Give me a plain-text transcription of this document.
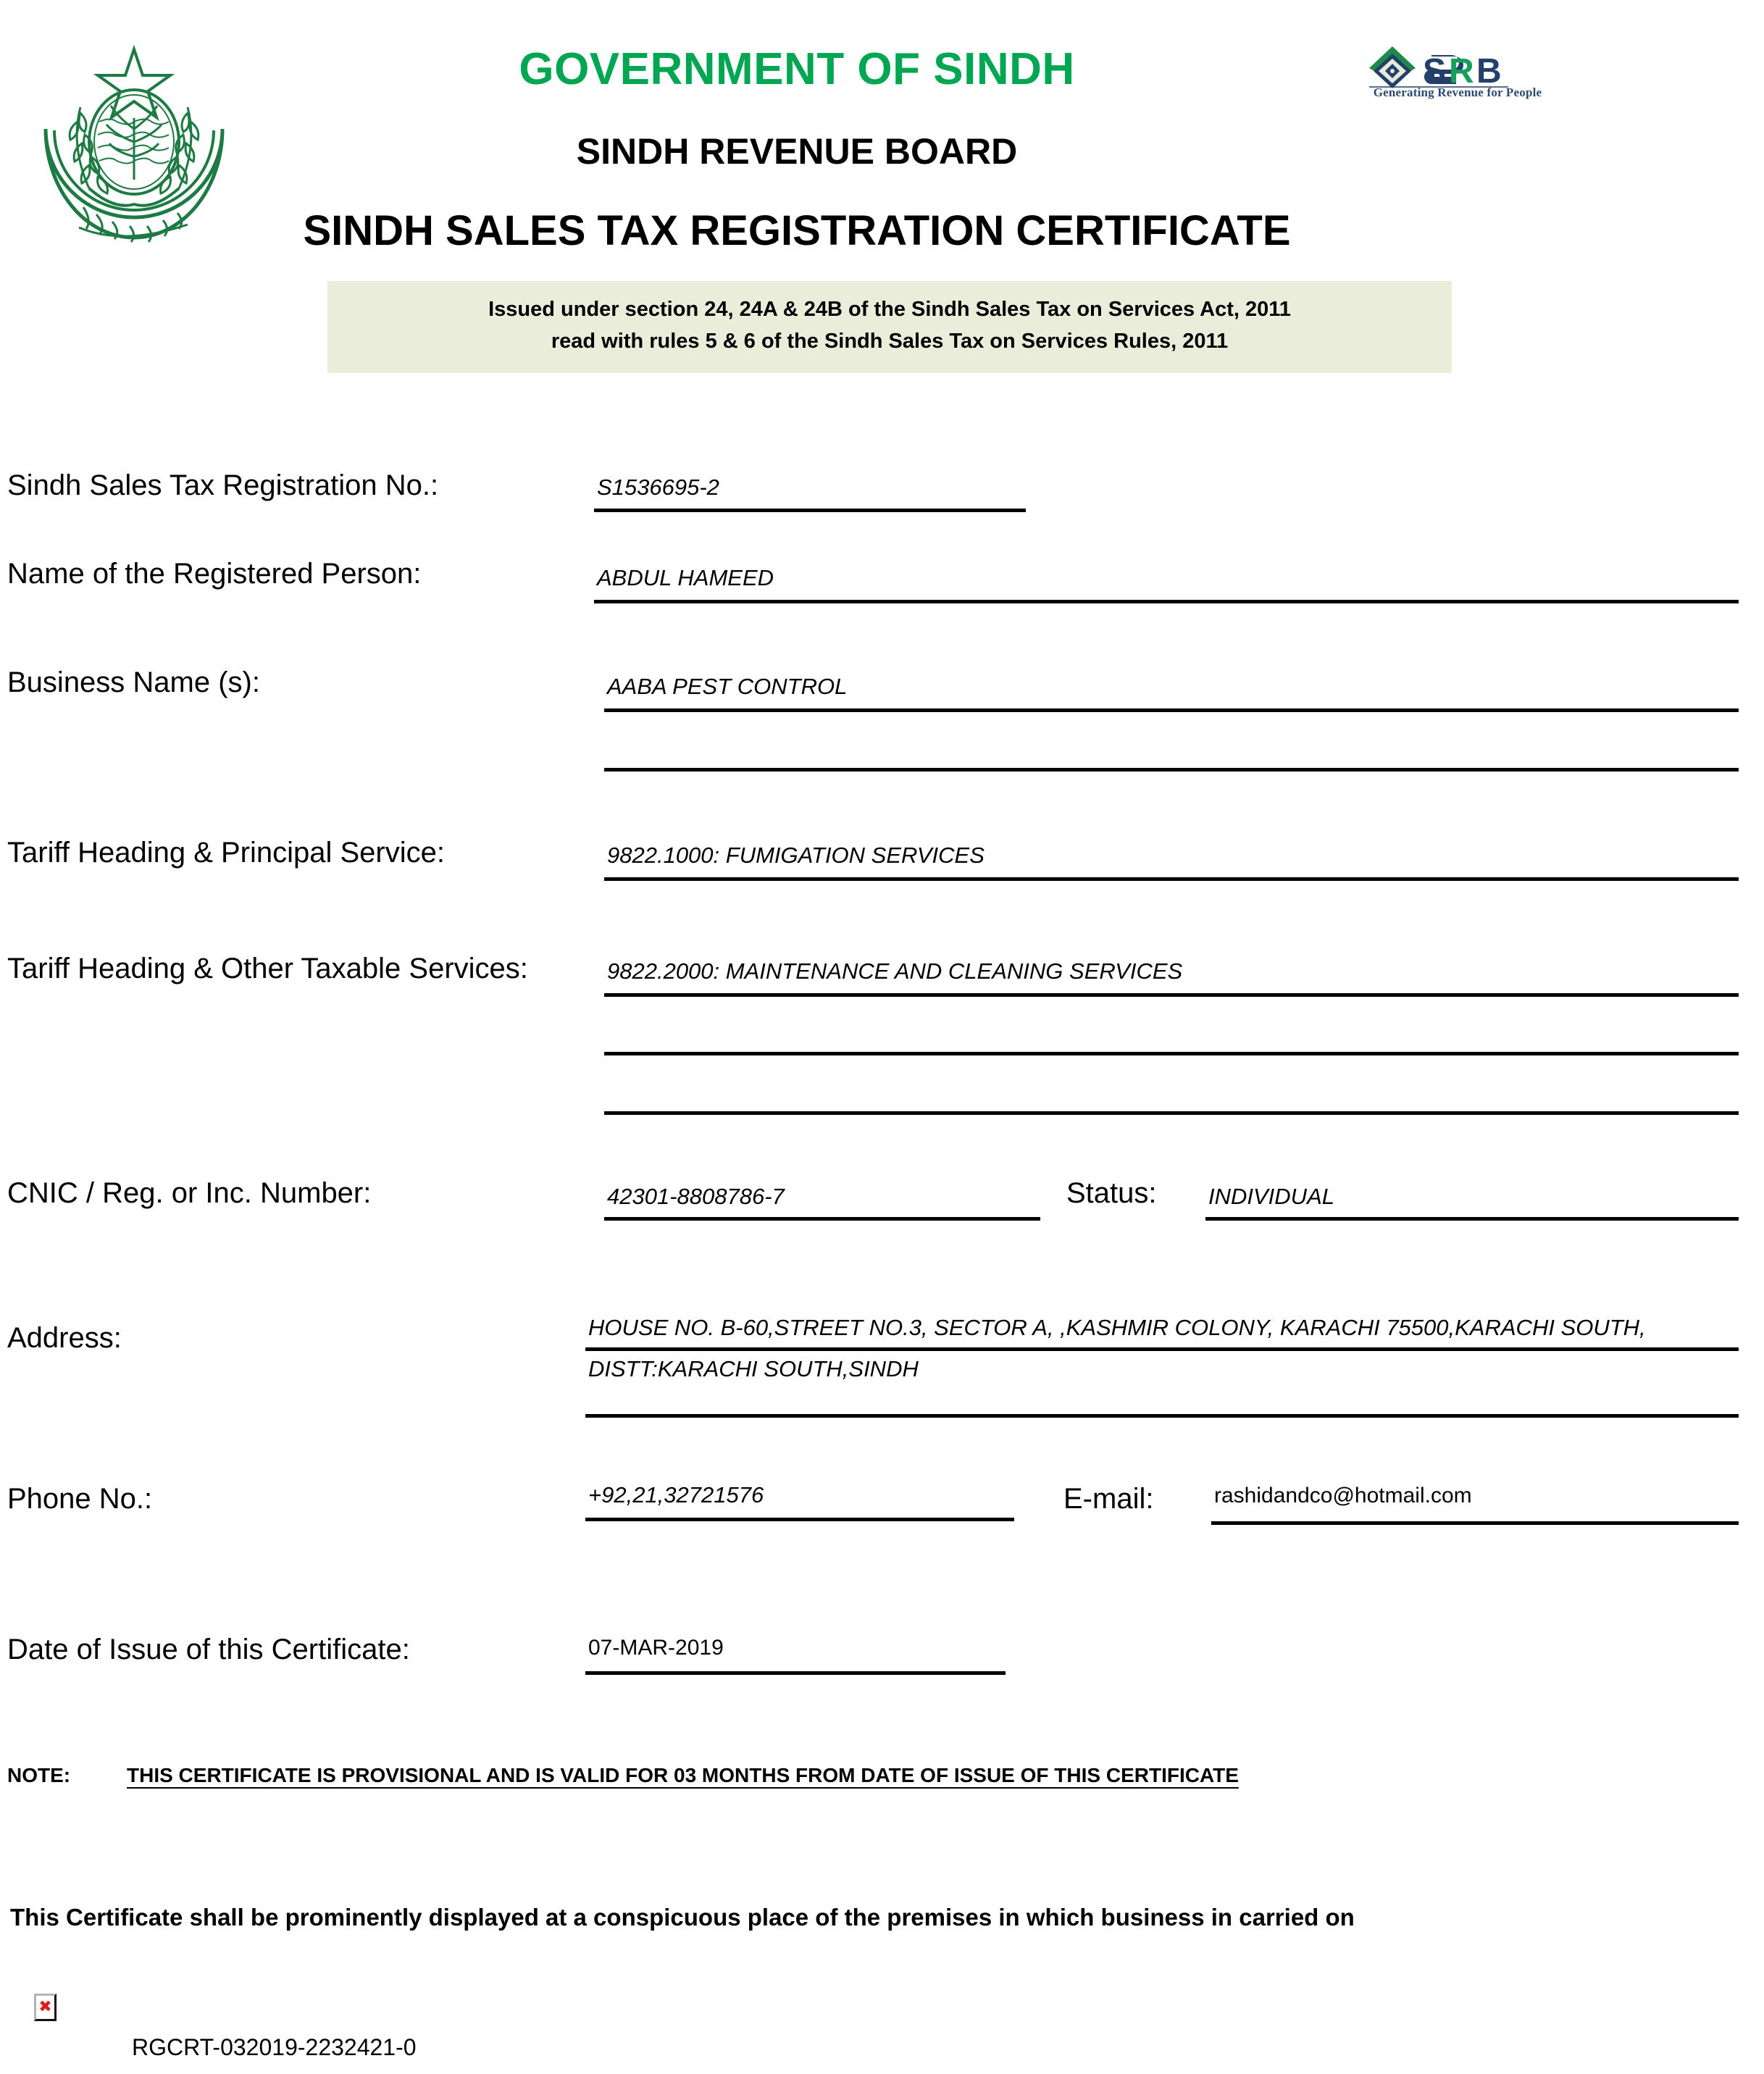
S R B
Generating Revenue for People
GOVERNMENT OF SINDH
SINDH REVENUE BOARD
SINDH SALES TAX REGISTRATION CERTIFICATE
Issued under section 24, 24A & 24B of the Sindh Sales Tax on Services Act, 2011
read with rules 5 & 6 of the Sindh Sales Tax on Services Rules, 2011
Sindh Sales Tax Registration No.:	S1536695-2
Name of the Registered Person:	ABDUL HAMEED
Business Name (s):	AABA PEST CONTROL
Tariff Heading & Principal Service:	9822.1000: FUMIGATION SERVICES
Tariff Heading & Other Taxable Services:	9822.2000: MAINTENANCE AND CLEANING SERVICES
CNIC / Reg. or Inc. Number:	42301-8808786-7	Status: INDIVIDUAL
Address:	HOUSE NO. B-60,STREET NO.3, SECTOR A, ,KASHMIR COLONY, KARACHI 75500,KARACHI SOUTH,
DISTT:KARACHI SOUTH,SINDH
Phone No.:	+92,21,32721576	E-mail:	rashidandco@hotmail.com
Date of Issue of this Certificate:	07-MAR-2019
NOTE:	THIS CERTIFICATE IS PROVISIONAL AND IS VALID FOR 03 MONTHS FROM DATE OF ISSUE OF THIS CERTIFICATE
This Certificate shall be prominently displayed at a conspicuous place of the premises in which business in carried on
✖
RGCRT-032019-2232421-0
